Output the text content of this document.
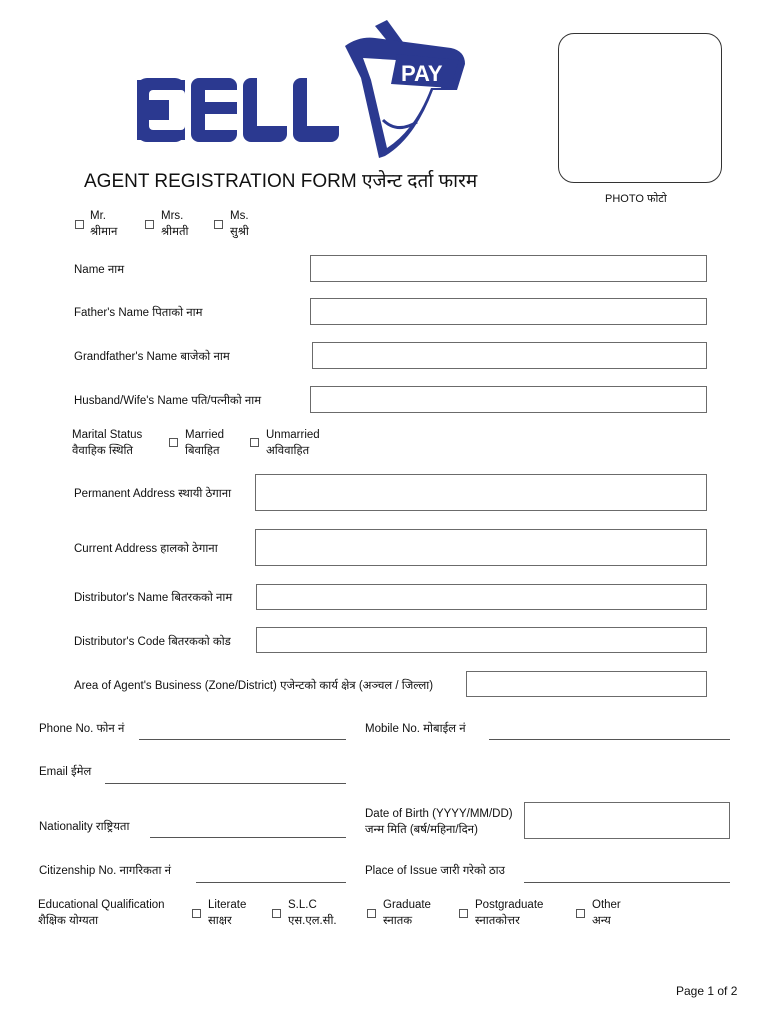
PAY
PHOTO फोटो
AGENT REGISTRATION FORM एजेन्ट दर्ता फारम
Mr.
श्रीमान
Mrs.
श्रीमती
Ms.
सुश्री
Name नाम
Father's Name पिताको नाम
Grandfather's Name बाजेको नाम
Husband/Wife's Name पति/पत्नीको नाम
Marital Status
वैवाहिक स्थिति
Married
बिवाहित
Unmarried
अविवाहित
Permanent Address स्थायी ठेगाना
Current Address हालको ठेगाना
Distributor's Name बितरकको नाम
Distributor's Code बितरकको कोड
Area of Agent's Business (Zone/District) एजेन्टको कार्य क्षेत्र (अञ्चल / जिल्ला)
Phone No. फोन नं	Mobile No. मोबाईल नं
Email ईमेल
Nationality राष्ट्रियता
Date of Birth (YYYY/MM/DD)
जन्म मिति (बर्ष/महिना/दिन)
Citizenship No. नागरिकता नं	Place of Issue जारी गरेको ठाउ
Educational Qualification
शैक्षिक योग्यता
Literate
साक्षर
S.L.C
एस.एल.सी.
Graduate
स्नातक
Postgraduate
स्नातकोत्तर
Other
अन्य
Page 1 of 2
